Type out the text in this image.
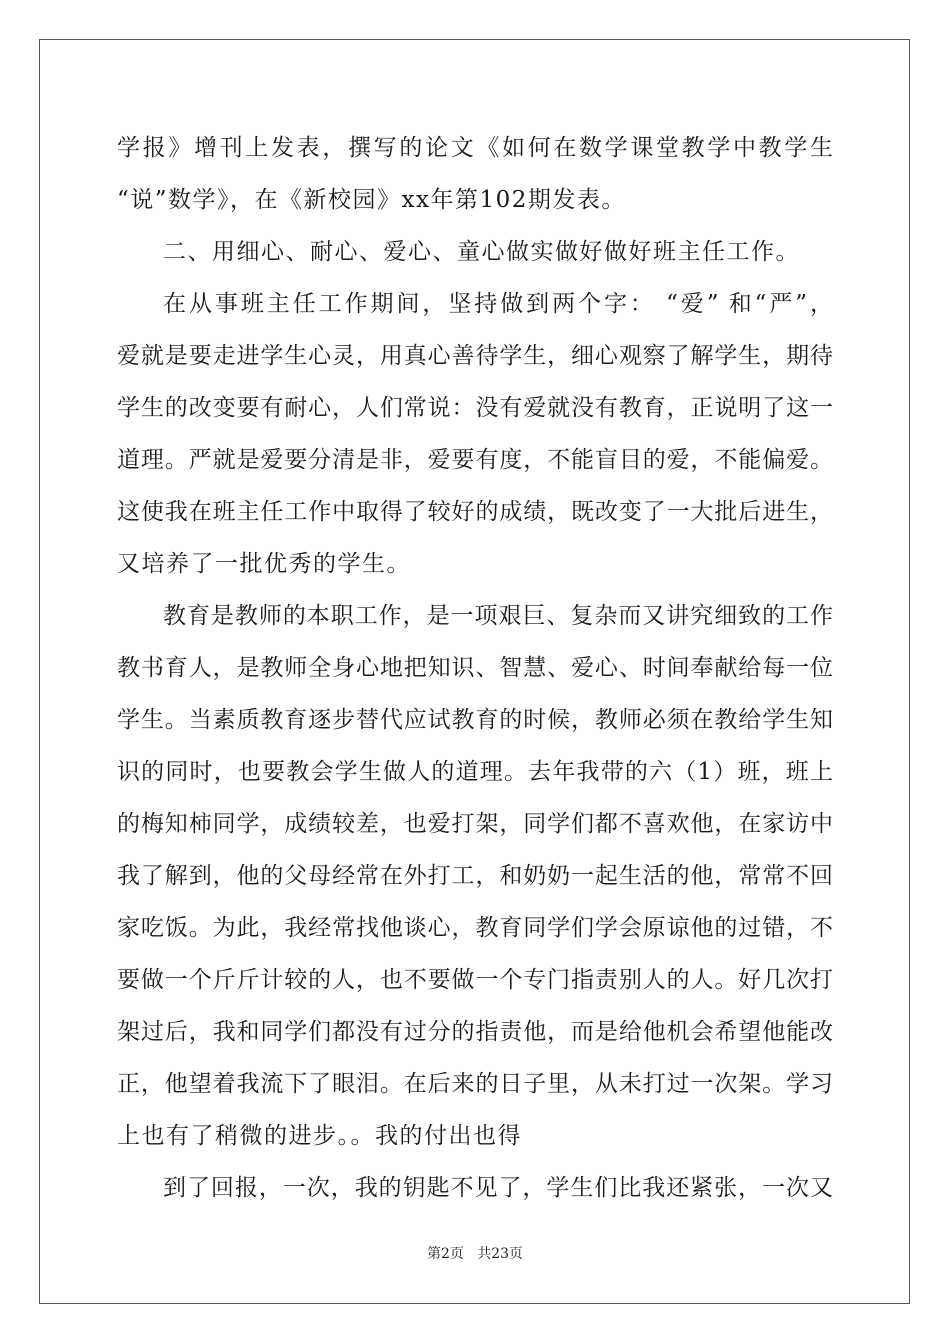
学报》增刊上发表，撰写的论文《如何在数学课堂教学中教学生
“说”数学》，在《新校园》xx年第102期发表。
二、用细心、耐心、爱心、童心做实做好做好班主任工作。
在从事班主任工作期间，坚持做到两个字： “爱” 和“严”，
爱就是要走进学生心灵，用真心善待学生，细心观察了解学生，期待
学生的改变要有耐心，人们常说：没有爱就没有教育，正说明了这一
道理。严就是爱要分清是非，爱要有度，不能盲目的爱，不能偏爱。
这使我在班主任工作中取得了较好的成绩，既改变了一大批后进生，
又培养了一批优秀的学生。
教育是教师的本职工作，是一项艰巨、复杂而又讲究细致的工作
教书育人，是教师全身心地把知识、智慧、爱心、时间奉献给每一位
学生。当素质教育逐步替代应试教育的时候，教师必须在教给学生知
识的同时，也要教会学生做人的道理。去年我带的六（1）班，班上
的梅知柿同学，成绩较差，也爱打架，同学们都不喜欢他，在家访中
我了解到，他的父母经常在外打工，和奶奶一起生活的他，常常不回
家吃饭。为此，我经常找他谈心，教育同学们学会原谅他的过错，不
要做一个斤斤计较的人，也不要做一个专门指责别人的人。好几次打
架过后，我和同学们都没有过分的指责他，而是给他机会希望他能改
正，他望着我流下了眼泪。在后来的日子里，从未打过一次架。学习
上也有了稍微的进步。。我的付出也得
到了回报，一次，我的钥匙不见了，学生们比我还紧张，一次又
第2页   共23页
